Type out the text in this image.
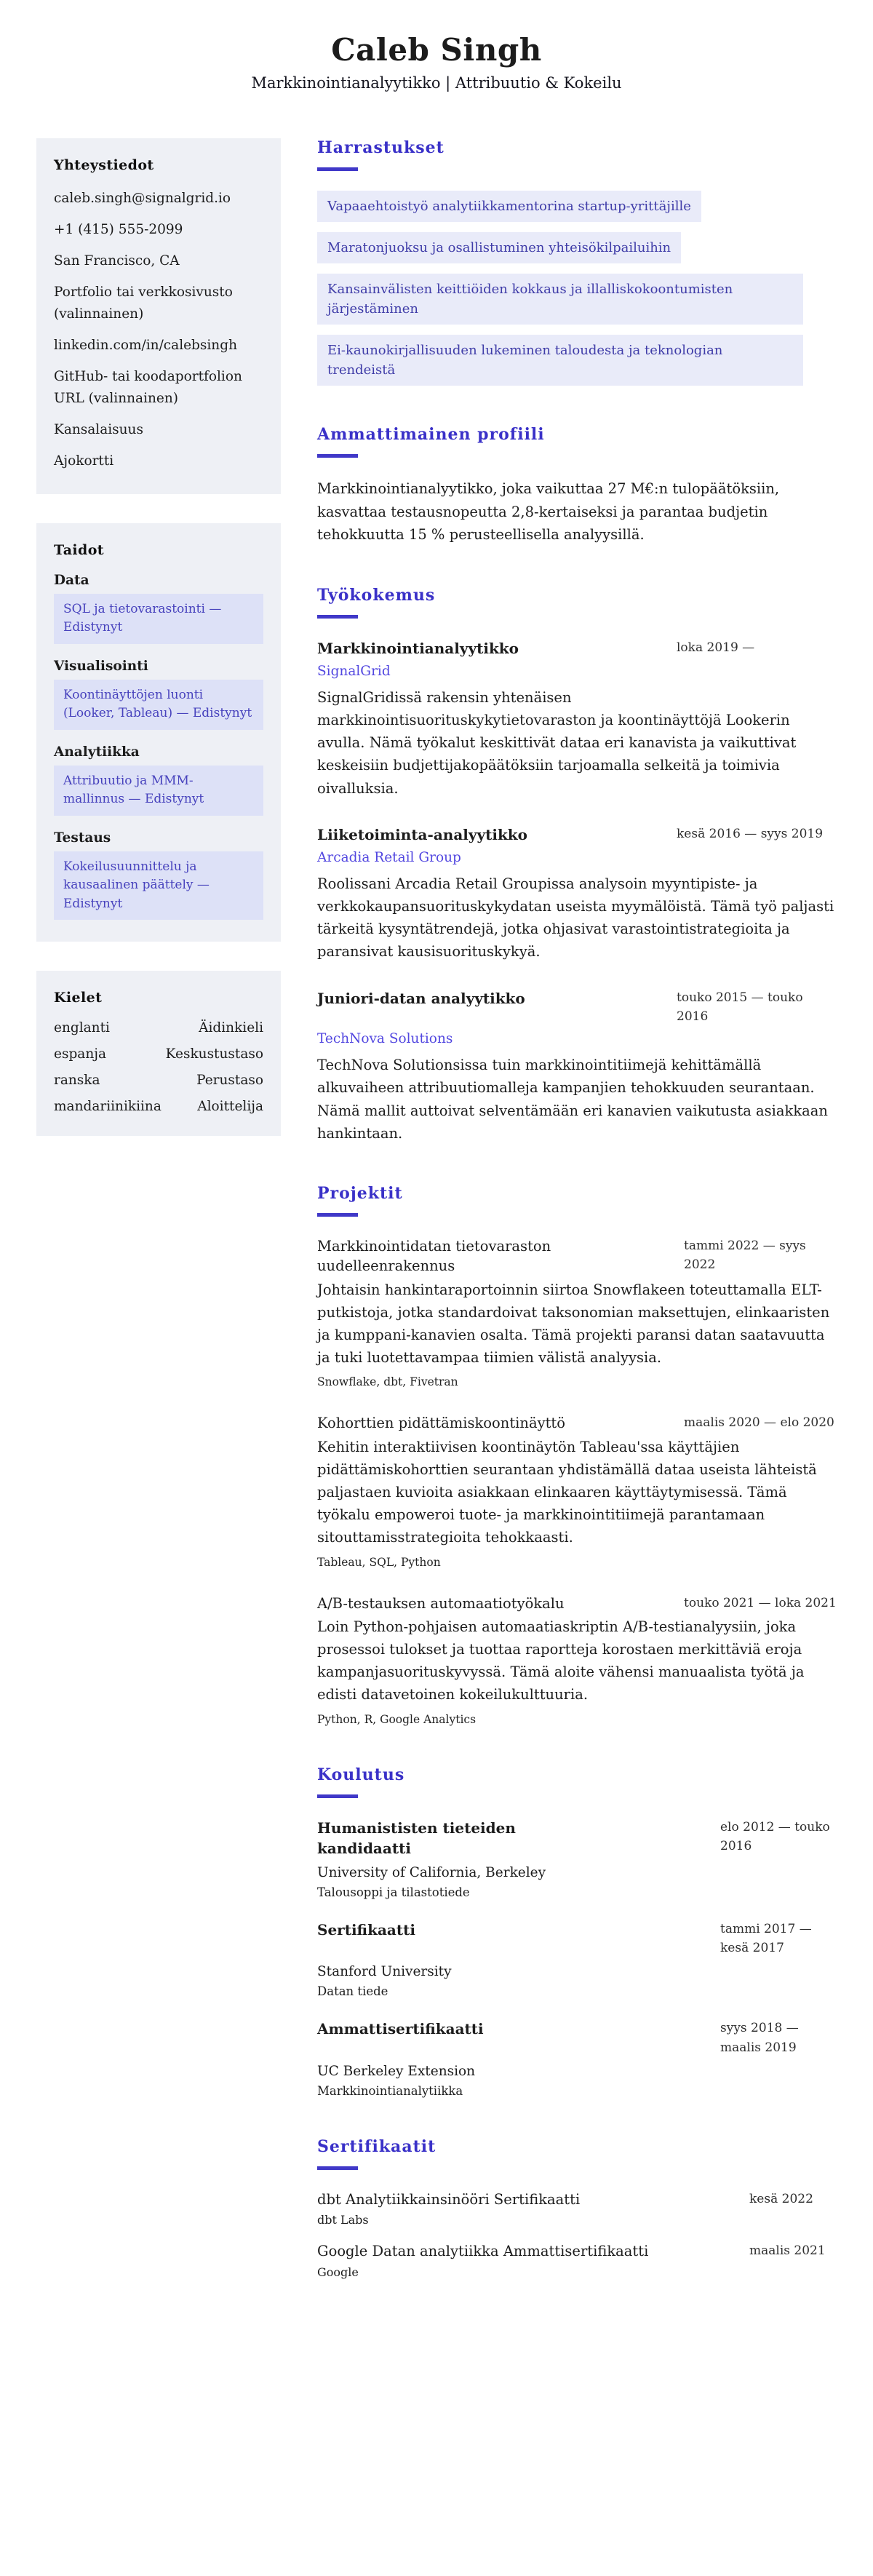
Caleb Singh
Markkinointianalyytikko | Attribuutio & Kokeilu
Yhteystiedot
caleb.singh@signalgrid.io
+1 (415) 555-2099
San Francisco, CA
Portfolio tai verkkosivusto (valinnainen)
linkedin.com/in/calebsingh
GitHub- tai koodaportfolion URL (valinnainen)
Kansalaisuus
Ajokortti
Taidot
Data
SQL ja tietovarastointi — Edistynyt
Visualisointi
Koontinäyttöjen luonti (Looker, Tableau) — Edistynyt
Analytiikka
Attribuutio ja MMM-mallinnus — Edistynyt
Testaus
Kokeilusuunnittelu ja kausaalinen päättely — Edistynyt
Kielet
englanti	Äidinkieli
espanja	Keskustustaso
ranska	Perustaso
mandariinikiina	Aloittelija
Harrastukset
Vapaaehtoistyö analytiikkamentorina startup-yrittäjille
Maratonjuoksu ja osallistuminen yhteisökilpailuihin
Kansainvälisten keittiöiden kokkaus ja illalliskokoontumisten järjestäminen
Ei-kaunokirjallisuuden lukeminen taloudesta ja teknologian trendeistä
Ammattimainen profiili

Markkinointianalyytikko, joka vaikuttaa 27 M€:n tulopäätöksiin, kasvattaa testausnopeutta 2,8-kertaiseksi ja parantaa budjetin tehokkuutta 15 % perusteellisella analyysillä.

Työkokemus
Markkinointianalyytikko	loka 2019 —
SignalGrid
SignalGridissä rakensin yhtenäisen markkinointisuorituskykytietovaraston ja koontinäyttöjä Lookerin avulla. Nämä työkalut keskittivät dataa eri kanavista ja vaikuttivat keskeisiin budjettijakopäätöksiin tarjoamalla selkeitä ja toimivia oivalluksia.
Liiketoiminta-analyytikko	kesä 2016 — syys 2019
Arcadia Retail Group
Roolissani Arcadia Retail Groupissa analysoin myyntipiste- ja verkkokaupansuorituskykydatan useista myymälöistä. Tämä työ paljasti tärkeitä kysyntätrendejä, jotka ohjasivat varastointistrategioita ja paransivat kausisuorituskykyä.
Juniori-datan analyytikko	touko 2015 — touko 2016
TechNova Solutions
TechNova Solutionsissa tuin markkinointitiimejä kehittämällä alkuvaiheen attribuutiomalleja kampanjien tehokkuuden seurantaan. Nämä mallit auttoivat selventämään eri kanavien vaikutusta asiakkaan hankintaan.
Projektit
Markkinointidatan tietovaraston uudelleenrakennus
tammi 2022 — syys 2022
Johtaisin hankintaraportoinnin siirtoa Snowflakeen toteuttamalla ELT-putkistoja, jotka standardoivat taksonomian maksettujen, elinkaaristen ja kumppani-kanavien osalta. Tämä projekti paransi datan saatavuutta ja tuki luotettavampaa tiimien välistä analyysia.
Snowflake, dbt, Fivetran
Kohorttien pidättämiskoontinäyttö	maalis 2020 — elo 2020
Kehitin interaktiivisen koontinäytön Tableau'ssa käyttäjien pidättämiskohorttien seurantaan yhdistämällä dataa useista lähteistä paljastaen kuvioita asiakkaan elinkaaren käyttäytymisessä. Tämä työkalu empoweroi tuote- ja markkinointitiimejä parantamaan sitouttamisstrategioita tehokkaasti.
Tableau, SQL, Python
A/B-testauksen automaatiotyökalu	touko 2021 — loka 2021
Loin Python-pohjaisen automaatiaskriptin A/B-testianalyysiin, joka prosessoi tulokset ja tuottaa raportteja korostaen merkittäviä eroja kampanjasuorituskyvyssä. Tämä aloite vähensi manuaalista työtä ja edisti datavetoinen kokeilukulttuuria.
Python, R, Google Analytics
Koulutus
Humanististen tieteiden kandidaatti
elo 2012 — touko 2016
University of California, Berkeley
Talousoppi ja tilastotiede
Sertifikaatti	tammi 2017 — kesä 2017
Stanford University
Datan tiede
Ammattisertifikaatti	syys 2018 — maalis 2019
UC Berkeley Extension
Markkinointianalytiikka
Sertifikaatit
dbt Analytiikkainsinööri Sertifikaatti	kesä 2022
dbt Labs
Google Datan analytiikka Ammattisertifikaatti	maalis 2021
Google
